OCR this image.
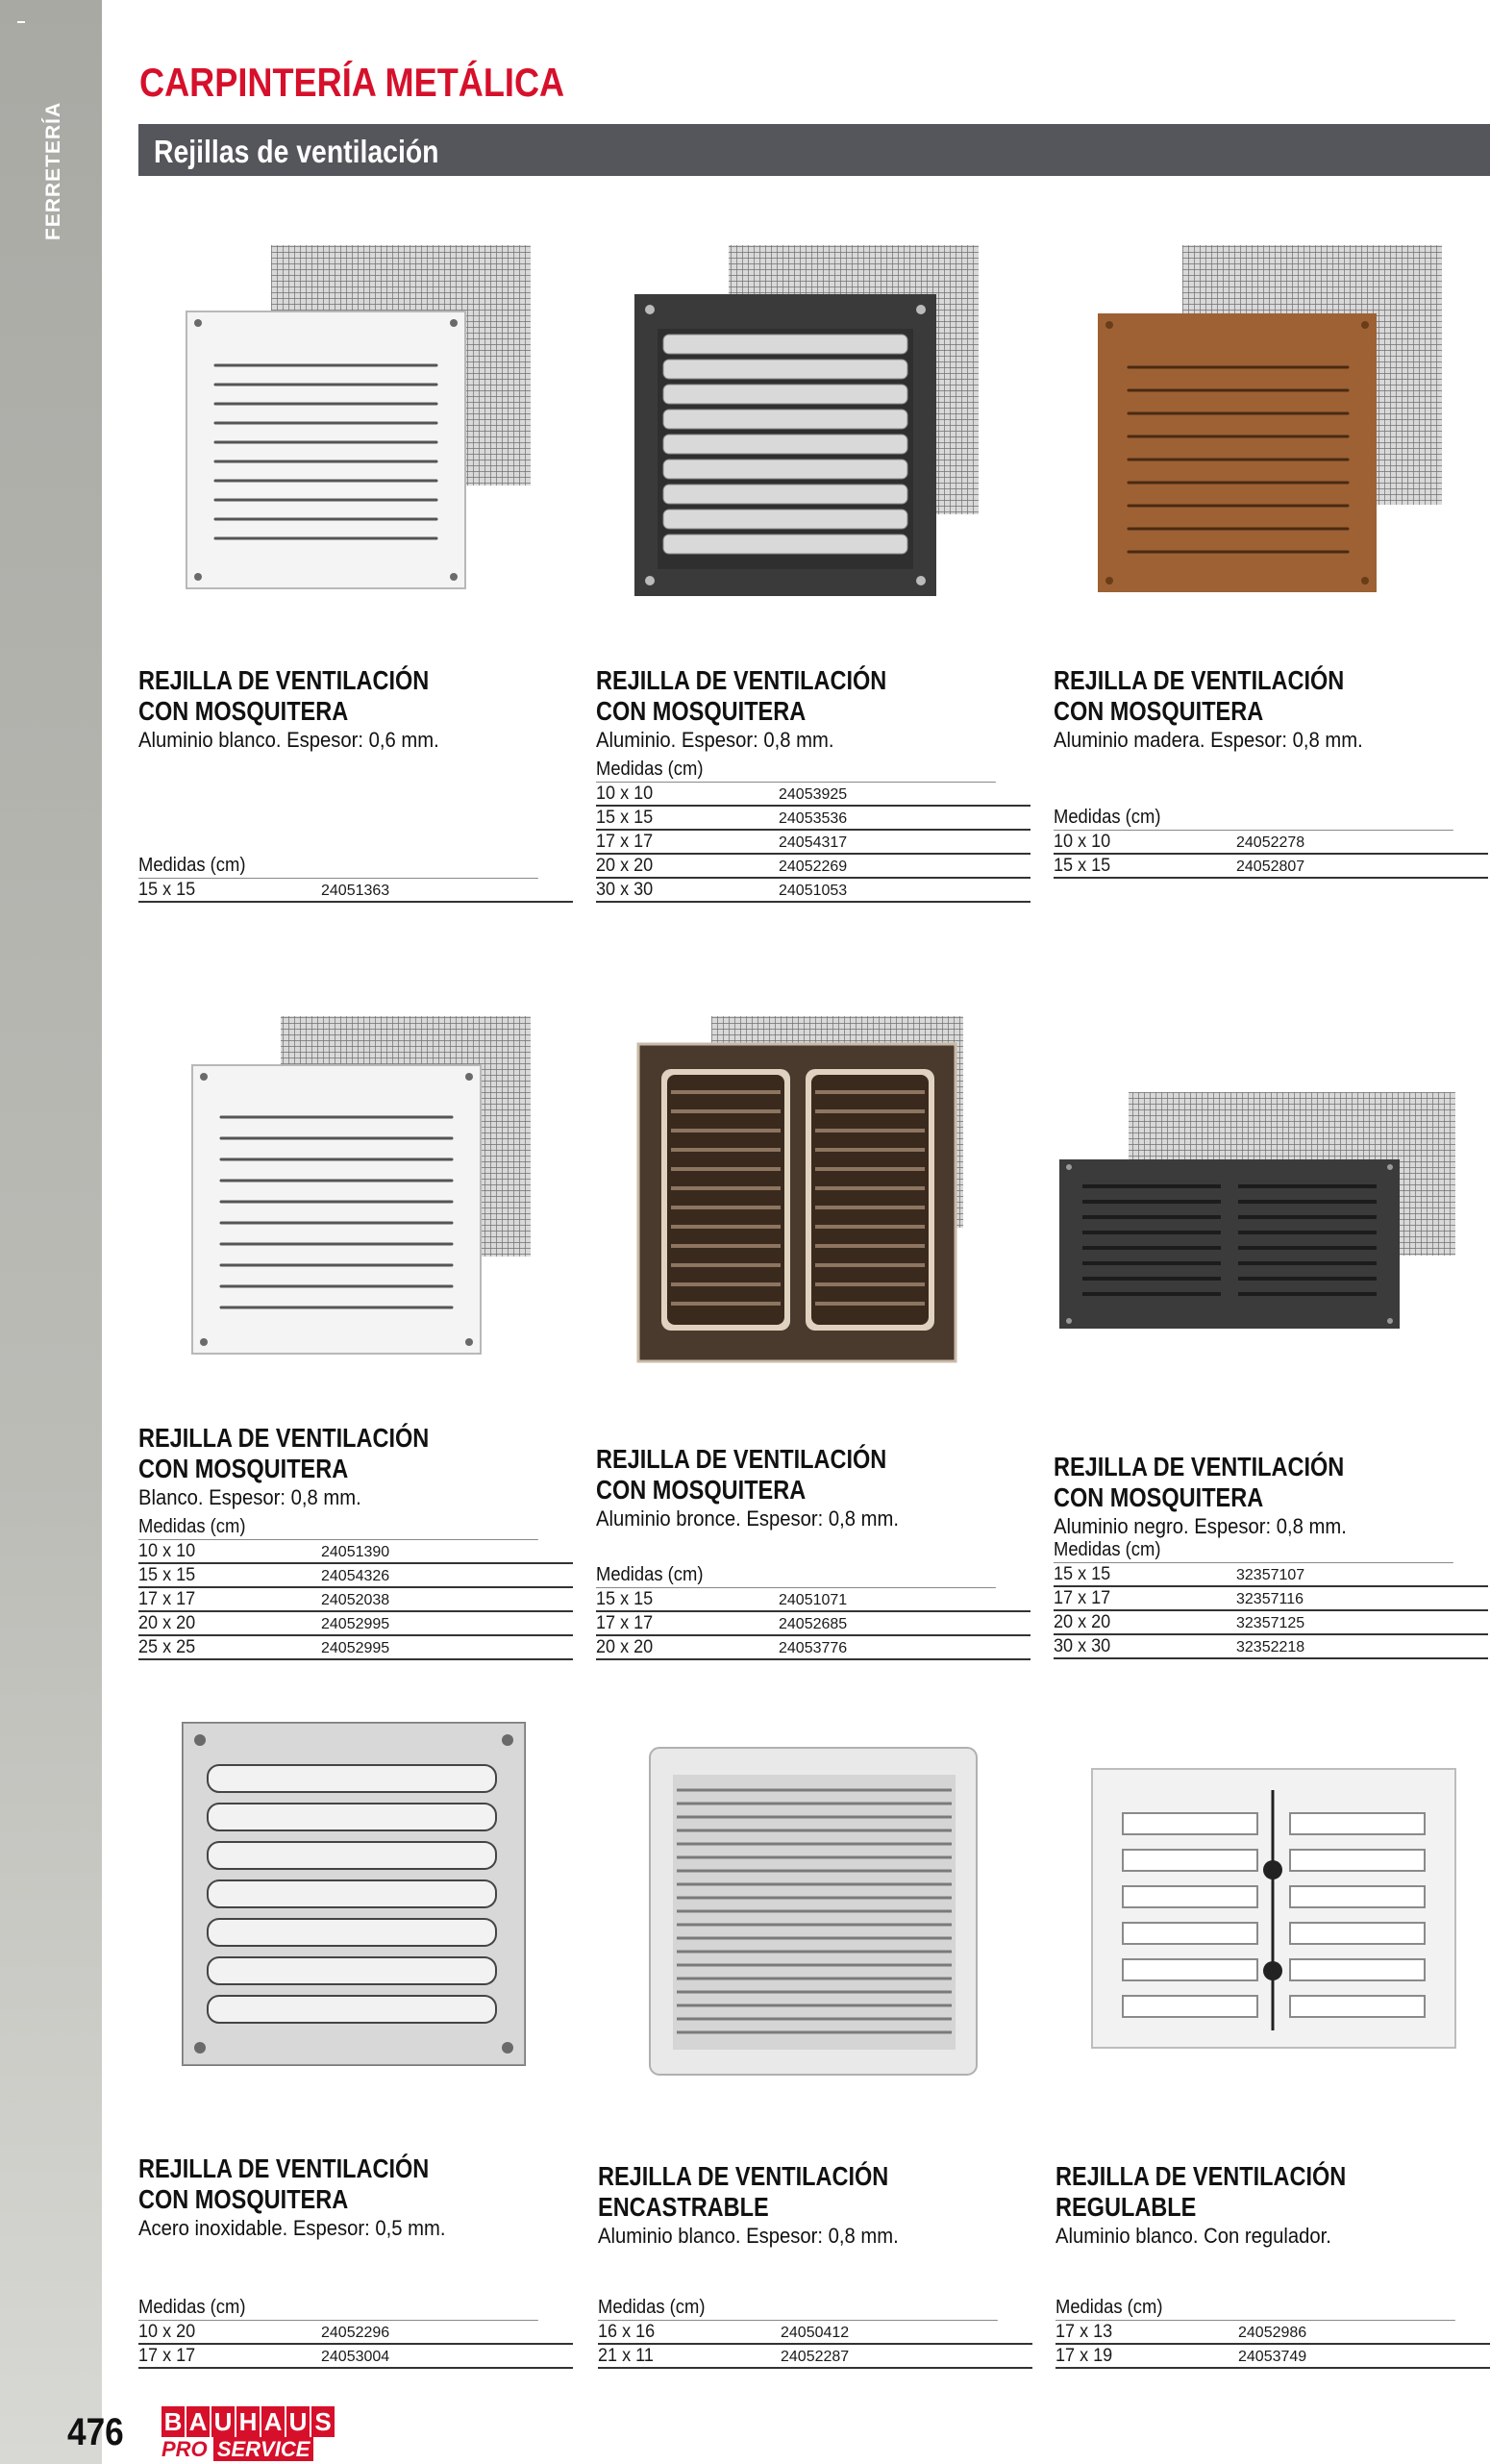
FERRETERÍA
CARPINTERÍA METÁLICA
Rejillas de ventilación
REJILLA DE VENTILACIÓN
CON MOSQUITERA
Aluminio blanco. Espesor: 0,6 mm.
Medidas (cm)
15 x 15	24051363
REJILLA DE VENTILACIÓN
CON MOSQUITERA
Aluminio. Espesor: 0,8 mm.
Medidas (cm)
10 x 10	24053925
15 x 15	24053536
17 x 17	24054317
20 x 20	24052269
30 x 30	24051053
REJILLA DE VENTILACIÓN
CON MOSQUITERA
Aluminio madera. Espesor: 0,8 mm.
Medidas (cm)
10 x 10	24052278
15 x 15	24052807
REJILLA DE VENTILACIÓN
CON MOSQUITERA
Blanco. Espesor: 0,8 mm.
Medidas (cm)
10 x 10	24051390
15 x 15	24054326
17 x 17	24052038
20 x 20	24052995
25 x 25	24052995
REJILLA DE VENTILACIÓN
CON MOSQUITERA
Aluminio bronce. Espesor: 0,8 mm.
Medidas (cm)
15 x 15	24051071
17 x 17	24052685
20 x 20	24053776
REJILLA DE VENTILACIÓN
CON MOSQUITERA
Aluminio negro. Espesor: 0,8 mm.
Medidas (cm)
15 x 15	32357107
17 x 17	32357116
20 x 20	32357125
30 x 30	32352218
REJILLA DE VENTILACIÓN
CON MOSQUITERA
Acero inoxidable. Espesor: 0,5 mm.
Medidas (cm)
10 x 20	24052296
17 x 17	24053004
REJILLA DE VENTILACIÓN
ENCASTRABLE
Aluminio blanco. Espesor: 0,8 mm.
Medidas (cm)
16 x 16	24050412
21 x 11	24052287
REJILLA DE VENTILACIÓN
REGULABLE
Aluminio blanco. Con regulador.
Medidas (cm)
17 x 13	24052986
17 x 19	24053749
476 B A U H A U S
PRO SERVICE
